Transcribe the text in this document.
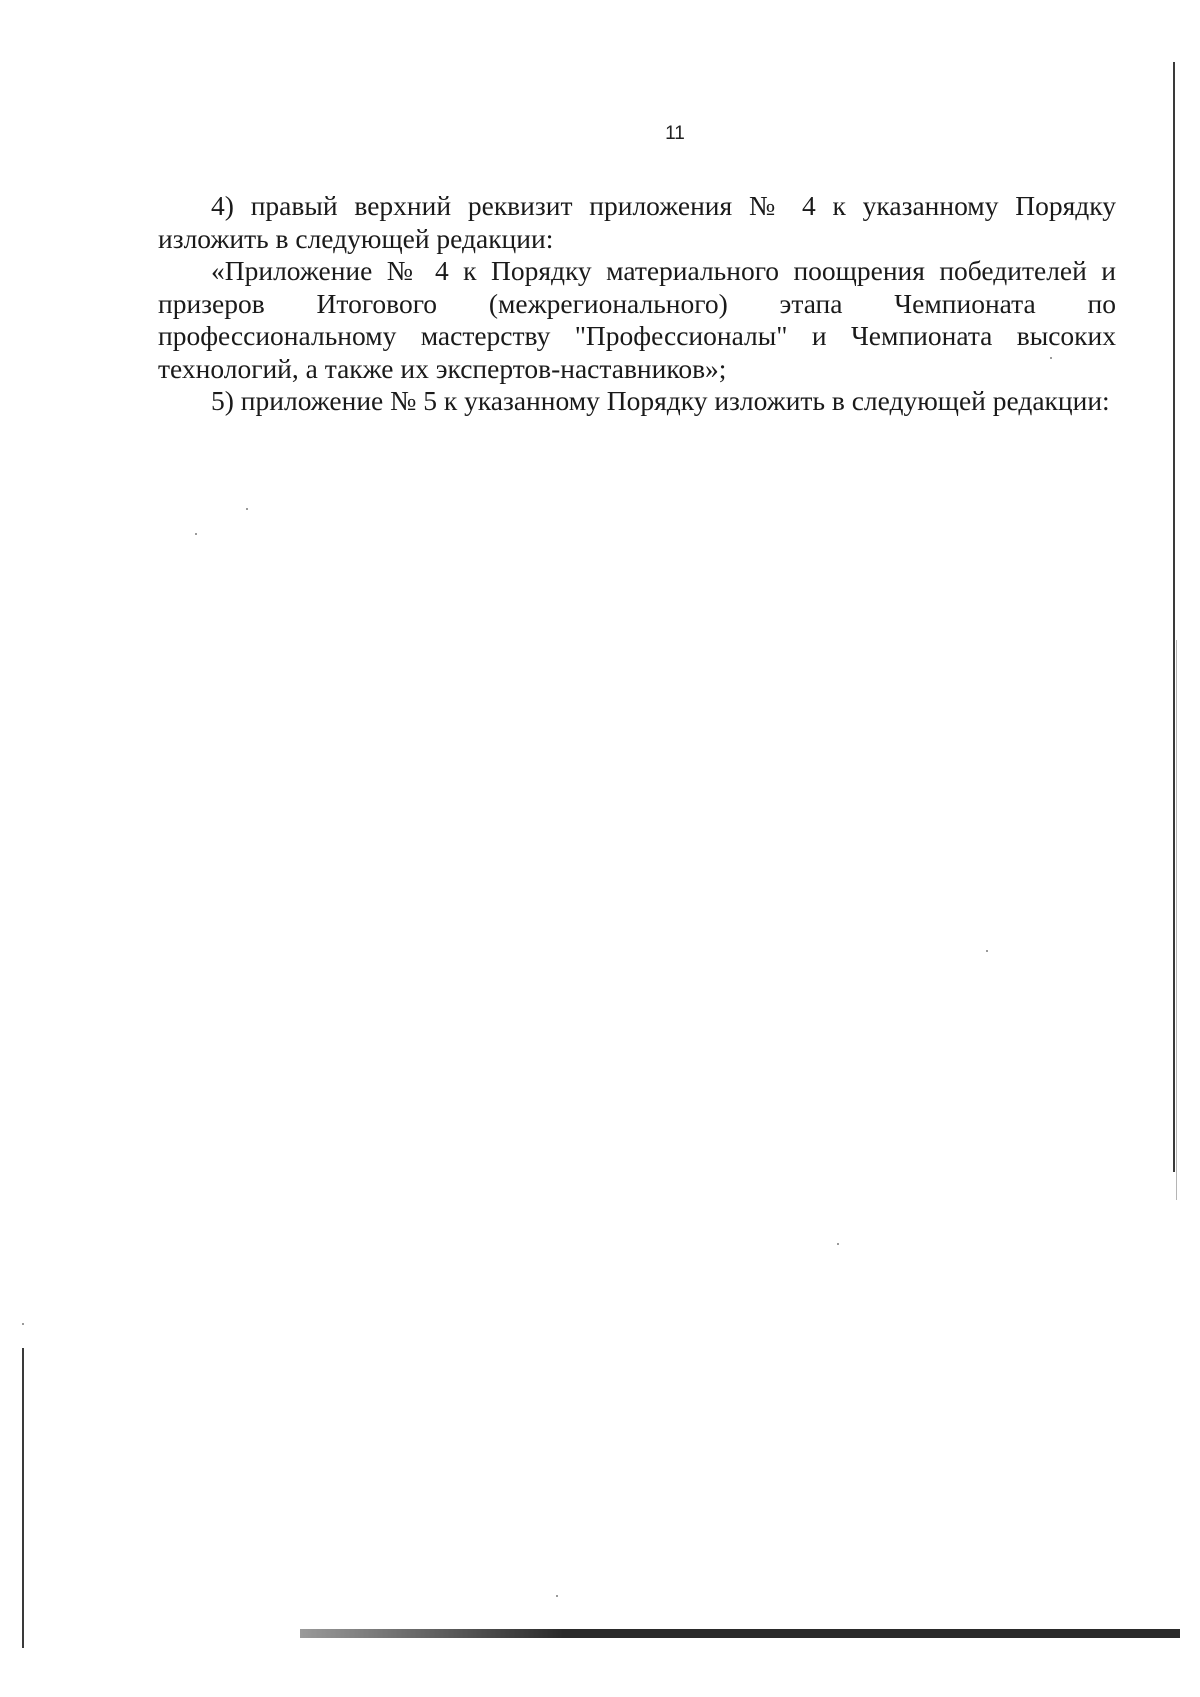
11

4) правый верхний реквизит приложения № 4 к указанному Порядку изложить в следующей редакции:

«Приложение № 4 к Порядку материального поощрения победителей и призеров Итогового (межрегионального) этапа Чемпионата по профессиональному мастерству "Профессионалы" и Чемпионата высоких технологий, а также их экспертов-наставников»;

5) приложение № 5 к указанному Порядку изложить в следующей редакции:
